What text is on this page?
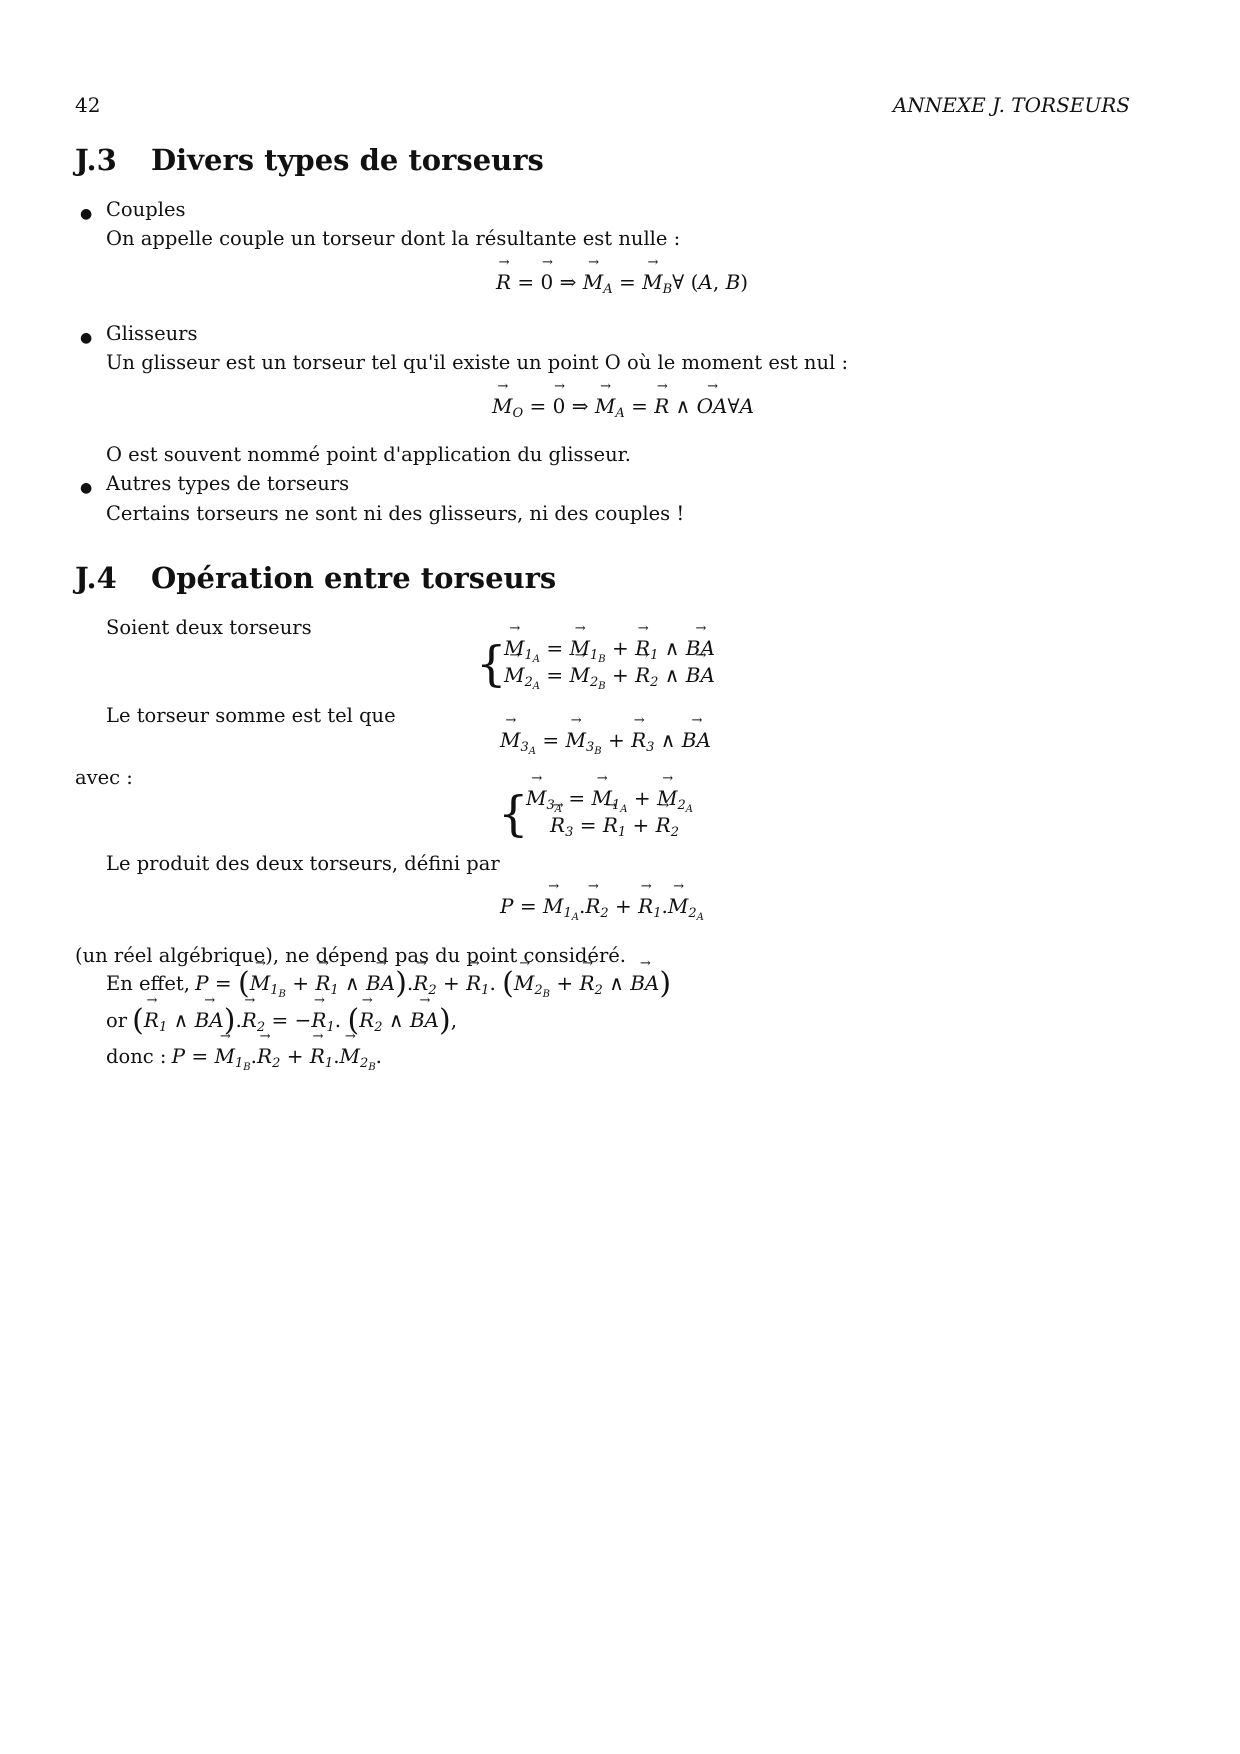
42	ANNEXE J. TORSEURS
J.3 Divers types de torseurs
● Couples
On appelle couple un torseur dont la résultante est nulle :
→ R = → 0 ⇒ → $M_A$ = → $M_B\forall$ (A, B)
● Glisseurs
Un glisseur est un torseur tel qu'il existe un point O où le moment est nul :
→ $M_O$ = → 0 ⇒ → $M_A$ = → R ∧ → OA∀A
O est souvent nommé point d'application du glisseur.
● Autres types de torseurs
Certains torseurs ne sont ni des glisseurs, ni des couples !
J.4 Opération entre torseurs
Soient deux torseurs
{
→ $M_{1_A}$ = → $M_{1_B}$ + → $R_1$ ∧ → BA
→ $M_{2_A}$ = → $M_{2_B}$ + → $R_2$ ∧ → BA
Le torseur somme est tel que
→ $M_{3_A}$ = → $M_{3_B}$ + → $R_3$ ∧ → BA
avec :
{
→ $M_{3_A}$ = → $M_{1_A}$ + → $M_{2_A}$
→ $R_3$ = → $R_1$ + → $R_2$
Le produit des deux torseurs, défini par
P = → $M_{1_A}.\to R_2$ + → $R_1.\to M_{2_A}$
(un réel algébrique), ne dépend pas du point considéré.
En effet, P = (→ $M_{1_B}$ + → $R_1$ ∧ → $BA).\to R_2$ + → $R_1$. (→ $M_{2_B}$ + → $R_2$ ∧ → BA)
or (→ $R_1$ ∧ → $BA).\to R_2$ = −→ $R_1$. (→ $R_2$ ∧ → BA),
donc : P = → $M_{1_B}.\to R_2$ + → $R_1.\to M_{2_B}$.
